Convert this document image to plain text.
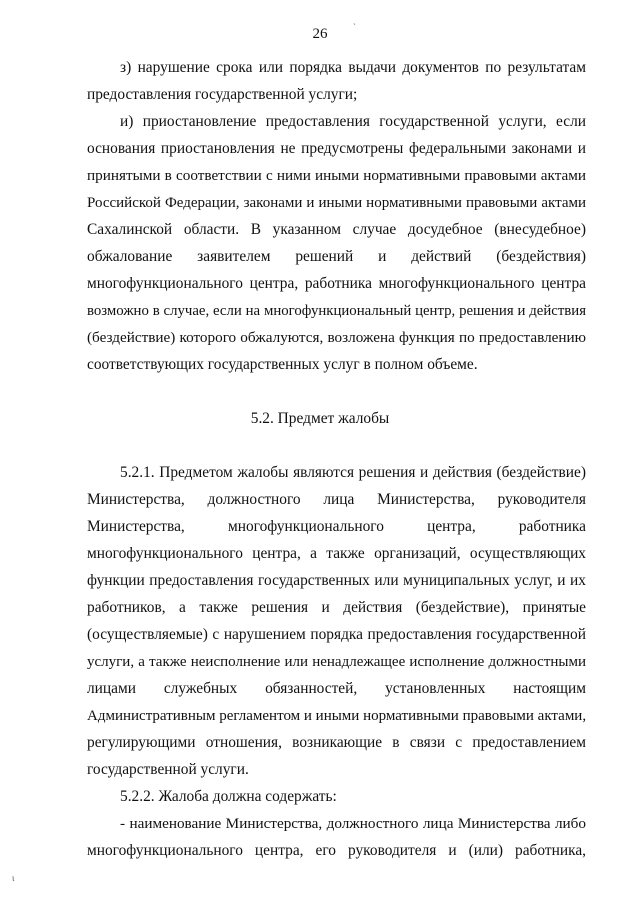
26	`
з) нарушение срока или порядка выдачи документов по результатам
предоставления государственной услуги;
и) приостановление предоставления государственной услуги, если
основания приостановления не предусмотрены федеральными законами и
принятыми в соответствии с ними иными нормативными правовыми актами
Российской Федерации, законами и иными нормативными правовыми актами
Сахалинской области. В указанном случае досудебное (внесудебное)
обжалование заявителем решений и действий (бездействия)
многофункционального центра, работника многофункционального центра
возможно в случае, если на многофункциональный центр, решения и действия
(бездействие) которого обжалуются, возложена функция по предоставлению
соответствующих государственных услуг в полном объеме.
5.2. Предмет жалобы
5.2.1. Предметом жалобы являются решения и действия (бездействие)
Министерства, должностного лица Министерства, руководителя
Министерства, многофункционального центра, работника
многофункционального центра, а также организаций, осуществляющих
функции предоставления государственных или муниципальных услуг, и их
работников, а также решения и действия (бездействие), принятые
(осуществляемые) с нарушением порядка предоставления государственной
услуги, а также неисполнение или ненадлежащее исполнение должностными
лицами служебных обязанностей, установленных настоящим
Административным регламентом и иными нормативными правовыми актами,
регулирующими отношения, возникающие в связи с предоставлением
государственной услуги.
5.2.2. Жалоба должна содержать:
- наименование Министерства, должностного лица Министерства либо
многофункционального центра, его руководителя и (или) работника,
ι
